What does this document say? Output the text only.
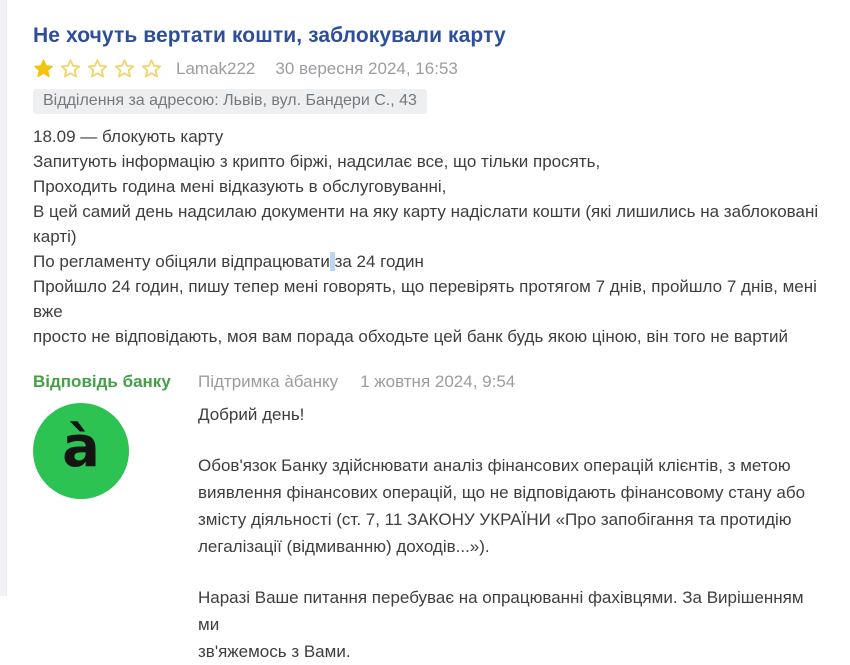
Не хочуть вертати кошти, заблокували карту
Lamak222 30 вересня 2024, 16:53
Відділення за адресою: Львів, вул. Бандери С., 43
18.09 — блокують карту
Запитують інформацію з крипто біржі, надсилає все, що тільки просять,
Проходить година мені відказують в обслуговуванні,
В цей самий день надсилаю документи на яку карту надіслати кошти (які лишились на заблоковані
карті)
По регламенту обіцяли відпрацювати за 24 годин
Пройшло 24 годин, пишу тепер мені говорять, що перевірять протягом 7 днів, пройшло 7 днів, мені вже
просто не відповідають, моя вам порада обходьте цей банк будь якою ціною, він того не вартий
Відповідь банку
à
Підтримка àбанку 1 жовтня 2024, 9:54
Добрий день!
Обов'язок Банку здійснювати аналіз фінансових операцій клієнтів, з метою
виявлення фінансових операцій, що не відповідають фінансовому стану або
змісту діяльності (ст. 7, 11 ЗАКОНУ УКРАЇНИ «Про запобігання та протидію
легалізації (відмиванню) доходів...»).
Наразі Ваше питання перебуває на опрацюванні фахівцями. За Вирішенням ми
зв'яжемось з Вами.
